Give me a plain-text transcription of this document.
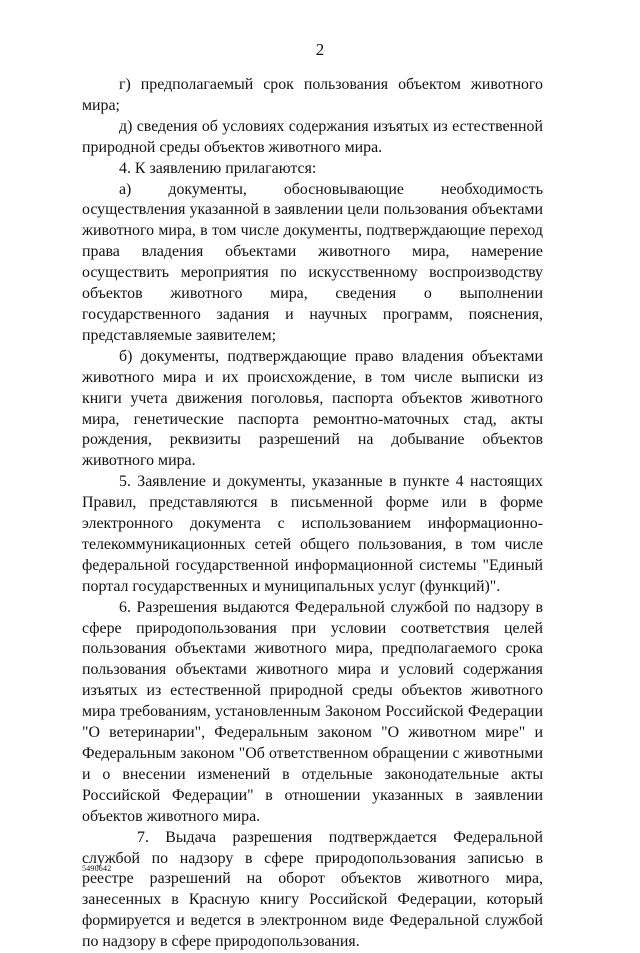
2

г) предполагаемый срок пользования объектом животного мира;

д) сведения об условиях содержания изъятых из естественной природной среды объектов животного мира.

4. К заявлению прилагаются:

а) документы, обосновывающие необходимость осуществления указанной в заявлении цели пользования объектами животного мира, в том числе документы, подтверждающие переход права владения объектами животного мира, намерение осуществить мероприятия по искусственному воспроизводству объектов животного мира, сведения о выполнении государственного задания и научных программ, пояснения, представляемые заявителем;

б) документы, подтверждающие право владения объектами животного мира и их происхождение, в том числе выписки из книги учета движения поголовья, паспорта объектов животного мира, генетические паспорта ремонтно-маточных стад, акты рождения, реквизиты разрешений на добывание объектов животного мира.

5. Заявление и документы, указанные в пункте 4 настоящих Правил, представляются в письменной форме или в форме электронного документа с использованием информационно-телекоммуникационных сетей общего пользования, в том числе федеральной государственной информационной системы "Единый портал государственных и муниципальных услуг (функций)".

6. Разрешения выдаются Федеральной службой по надзору в сфере природопользования при условии соответствия целей пользования объектами животного мира, предполагаемого срока пользования объектами животного мира и условий содержания изъятых из естественной природной среды объектов животного мира требованиям, установленным Законом Российской Федерации "О ветеринарии", Федеральным законом "О животном мире" и Федеральным законом "Об ответственном обращении с животными и о внесении изменений в отдельные законодательные акты Российской Федерации" в отношении указанных в заявлении объектов животного мира.

7. Выдача разрешения подтверждается Федеральной службой по надзору в сфере природопользования записью в реестре разрешений на оборот объектов животного мира, занесенных в Красную книгу Российской Федерации, который формируется и ведется в электронном виде Федеральной службой по надзору в сфере природопользования.

5490642
